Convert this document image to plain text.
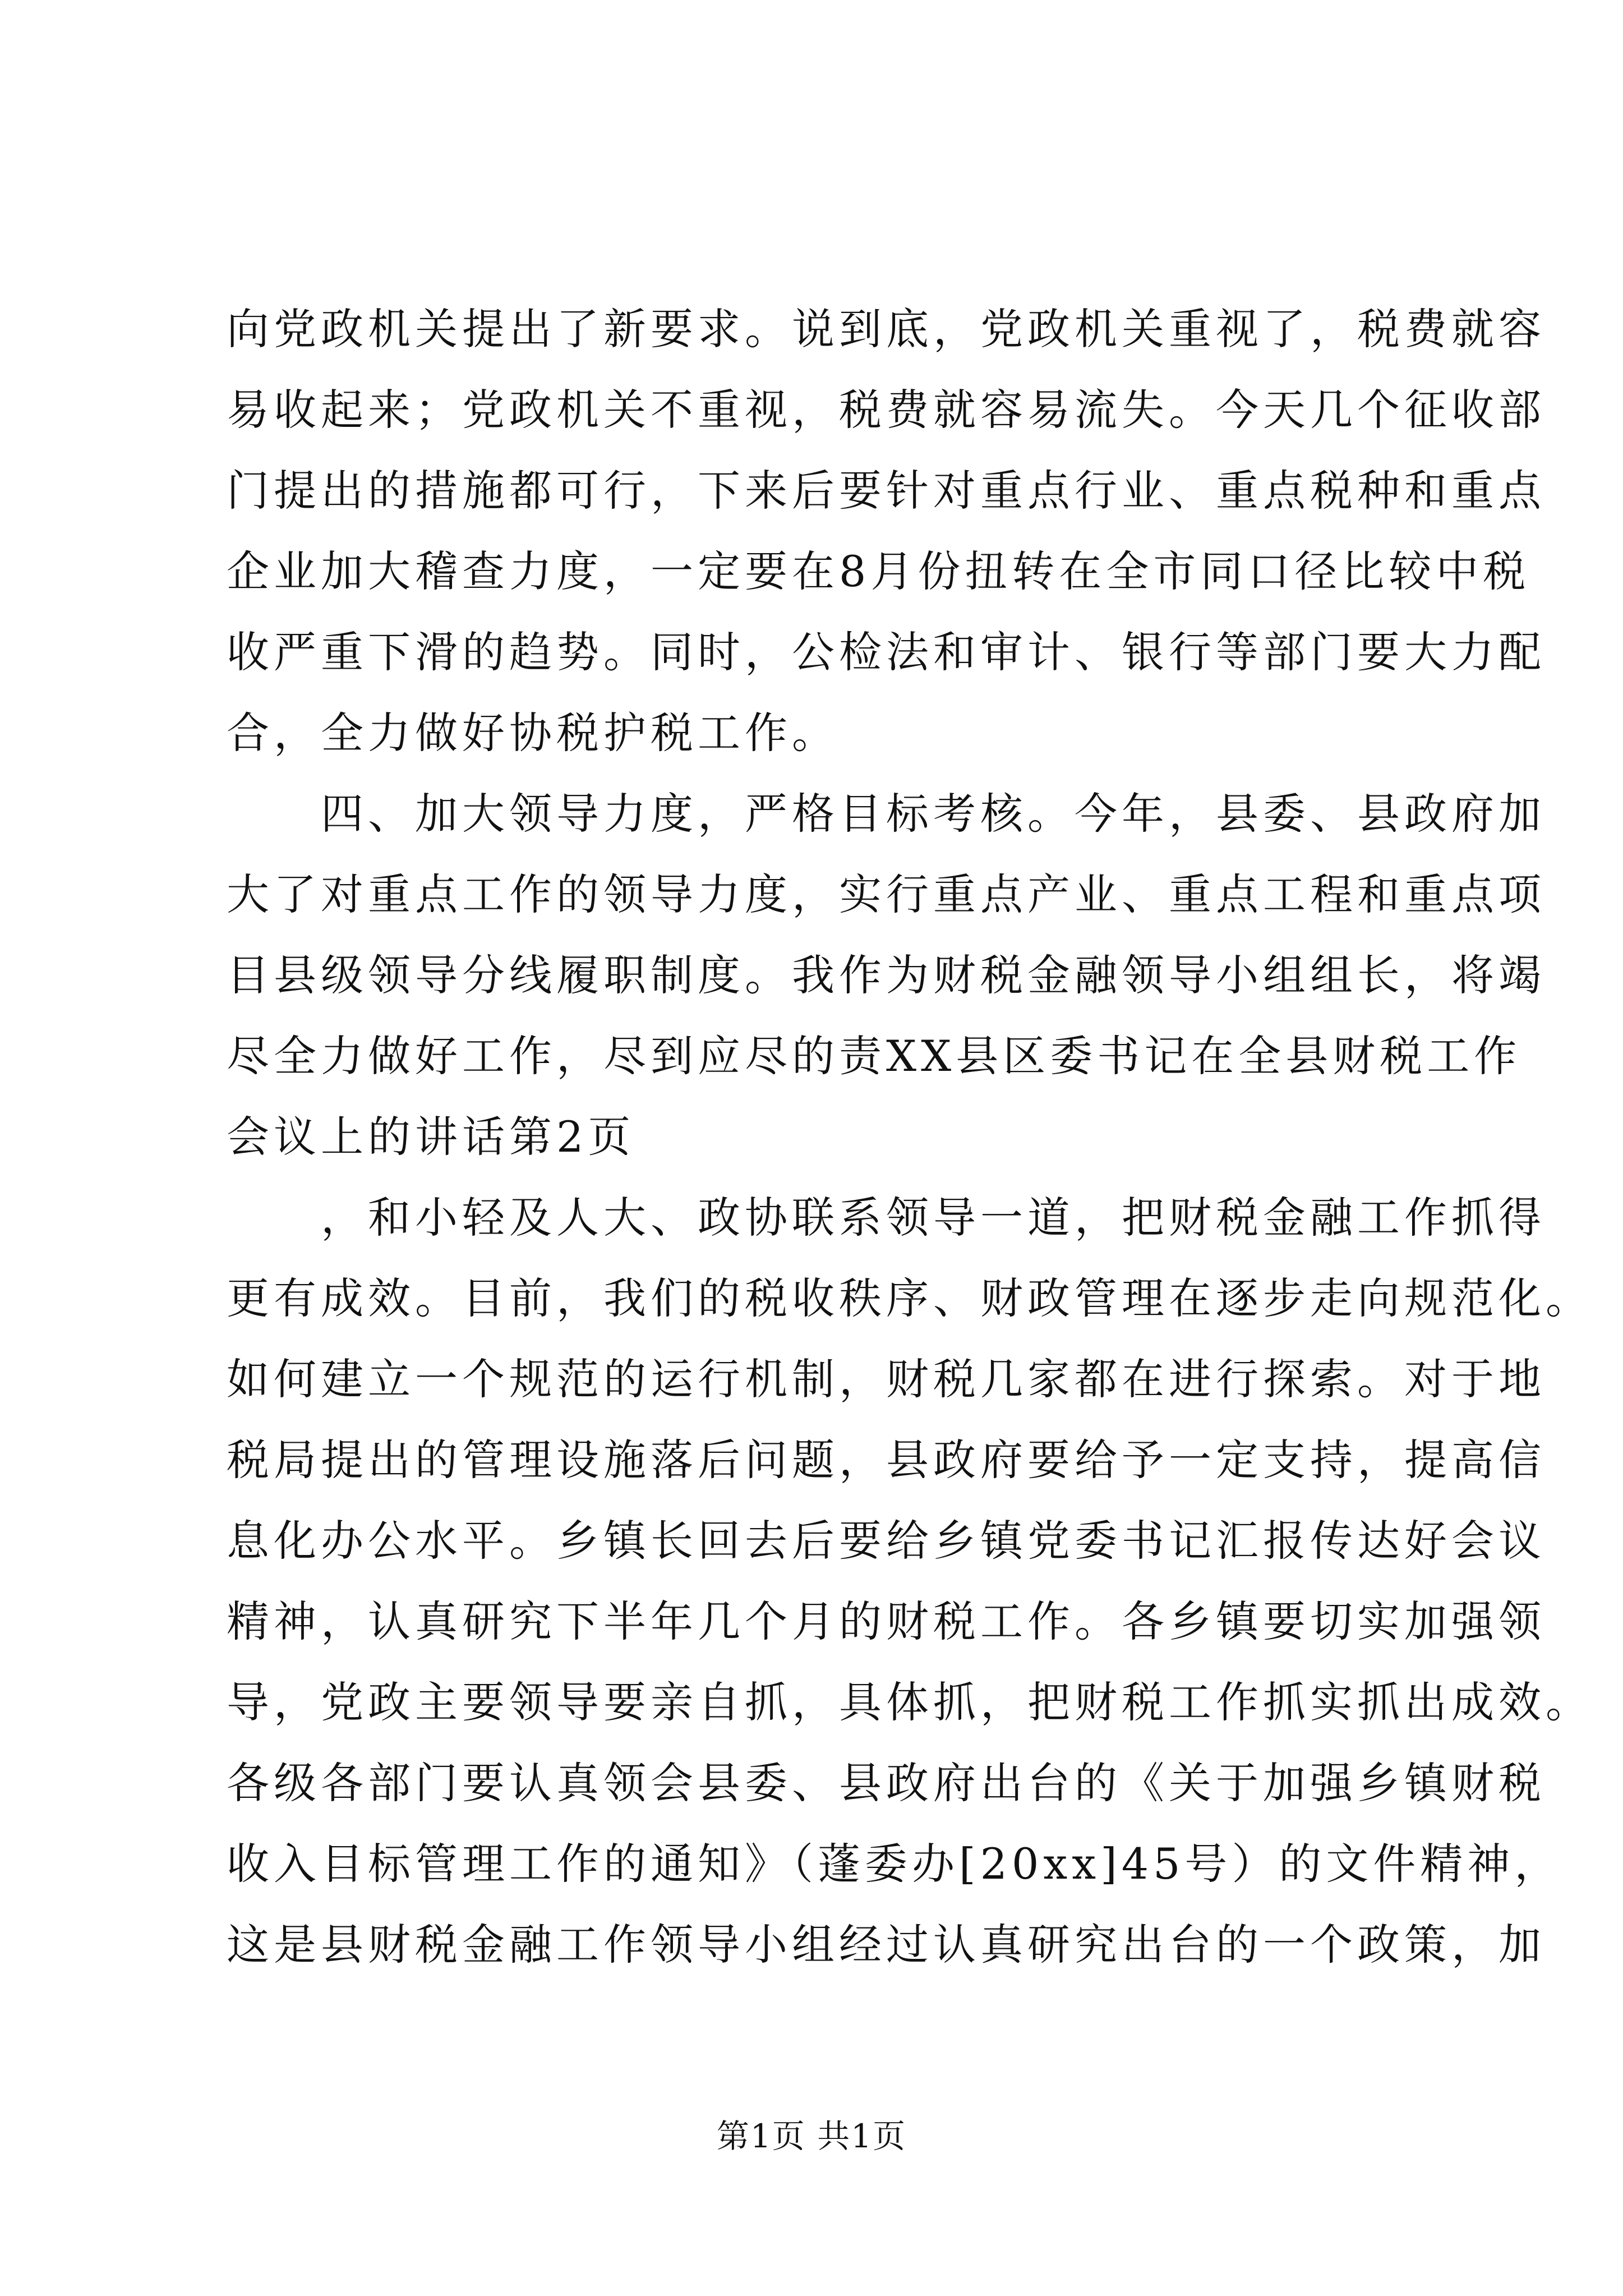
向党政机关提出了新要求。说到底，党政机关重视了，税费就容
易收起来；党政机关不重视，税费就容易流失。今天几个征收部
门提出的措施都可行，下来后要针对重点行业、重点税种和重点
企业加大稽查力度，一定要在8月份扭转在全市同口径比较中税
收严重下滑的趋势。同时，公检法和审计、银行等部门要大力配
合，全力做好协税护税工作。
　　四、加大领导力度，严格目标考核。今年，县委、县政府加
大了对重点工作的领导力度，实行重点产业、重点工程和重点项
目县级领导分线履职制度。我作为财税金融领导小组组长，将竭
尽全力做好工作，尽到应尽的责XX县区委书记在全县财税工作
会议上的讲话第2页
　　，和小轻及人大、政协联系领导一道，把财税金融工作抓得
更有成效。目前，我们的税收秩序、财政管理在逐步走向规范化。
如何建立一个规范的运行机制，财税几家都在进行探索。对于地
税局提出的管理设施落后问题，县政府要给予一定支持，提高信
息化办公水平。乡镇长回去后要给乡镇党委书记汇报传达好会议
精神，认真研究下半年几个月的财税工作。各乡镇要切实加强领
导，党政主要领导要亲自抓，具体抓，把财税工作抓实抓出成效。
各级各部门要认真领会县委、县政府出台的《关于加强乡镇财税
收入目标管理工作的通知》（蓬委办[20xx]45号）的文件精神，
这是县财税金融工作领导小组经过认真研究出台的一个政策，加
第1页 共1页
